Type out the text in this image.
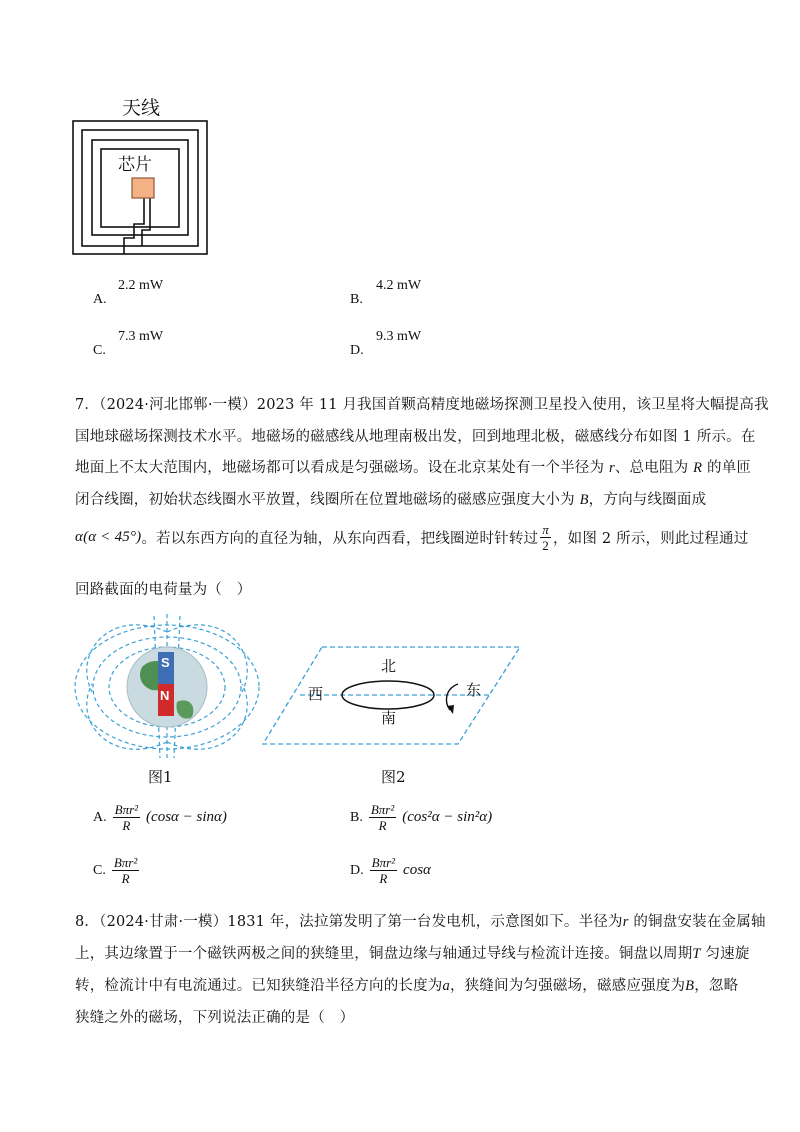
天线
芯片
A.
2.2 mW
B.
4.2 mW
C.
7.3 mW
D.
9.3 mW
7．（2024·河北邯郸·一模）2023 年 11 月我国首颗高精度地磁场探测卫星投入使用，该卫星将大幅提高我
国地球磁场探测技术水平。地磁场的磁感线从地理南极出发，回到地理北极，磁感线分布如图 1 所示。在
地面上不太大范围内，地磁场都可以看成是匀强磁场。设在北京某处有一个半径为 r、总电阻为 R 的单匝
闭合线圈，初始状态线圈水平放置，线圈所在位置地磁场的磁感应强度大小为 B，方向与线圈面成
α(α < 45°) 。若以东西方向的直径为轴，从东向西看，把线圈逆时针转过 $\frac{\pi}{2}$ ，如图 2 所示，则此过程通过
回路截面的电荷量为（　）
S
N
北
西
南
东
图1	图2
A. $\frac{\text{Bπr²}}{R} (\cos\alpha - \sin\alpha)$	B. $\frac{\text{Bπr²}}{R} (\cos^2\alpha - \sin^2\alpha)$
C. $\frac{\text{Bπr²}}{R}$	D. $\frac{\text{Bπr²}}{R}$ cosα
8．（2024·甘肃·一模）1831 年，法拉第发明了第一台发电机，示意图如下。半径为r 的铜盘安装在金属轴
上，其边缘置于一个磁铁两极之间的狭缝里，铜盘边缘与轴通过导线与检流计连接。铜盘以周期T 匀速旋
转，检流计中有电流通过。已知狭缝沿半径方向的长度为a，狭缝间为匀强磁场，磁感应强度为B，忽略
狭缝之外的磁场，下列说法正确的是（　）
